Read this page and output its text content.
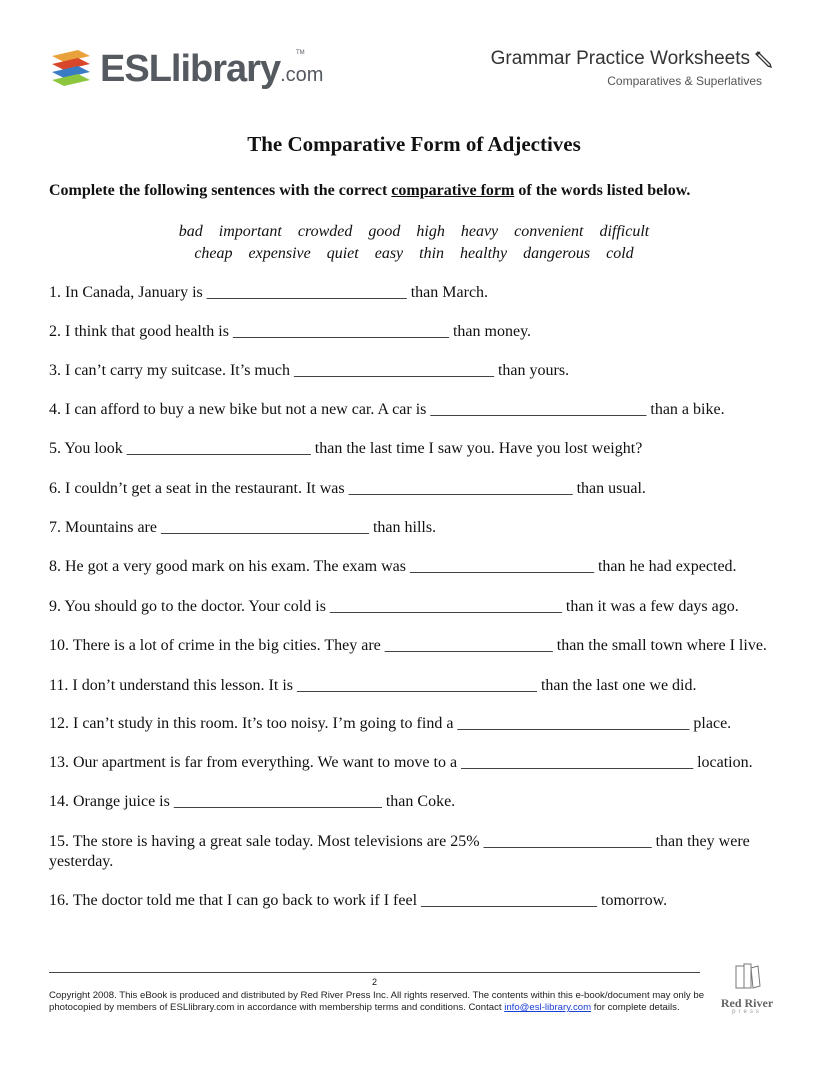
ESLlibrary.com
TM	Grammar Practice Worksheets
Comparatives & Superlatives
The Comparative Form of Adjectives
Complete the following sentences with the correct comparative form of the words listed below.
bad important crowded good high heavy convenient difficult
cheap expensive quiet easy thin healthy dangerous cold
1. In Canada, January is _________________________ than March.
2. I think that good health is ___________________________ than money.
3. I can’t carry my suitcase. It’s much _________________________ than yours.
4. I can afford to buy a new bike but not a new car. A car is ___________________________ than a bike.
5. You look _______________________ than the last time I saw you. Have you lost weight?
6. I couldn’t get a seat in the restaurant. It was ____________________________ than usual.
7. Mountains are __________________________ than hills.
8. He got a very good mark on his exam. The exam was _______________________ than he had expected.
9. You should go to the doctor. Your cold is _____________________________ than it was a few days ago.
10. There is a lot of crime in the big cities. They are _____________________ than the small town where I live.
11. I don’t understand this lesson. It is ______________________________ than the last one we did.
12. I can’t study in this room. It’s too noisy. I’m going to find a _____________________________ place.
13. Our apartment is far from everything. We want to move to a _____________________________ location.
14. Orange juice is __________________________ than Coke.
15. The store is having a great sale today. Most televisions are 25% _____________________ than they were yesterday.
16. The doctor told me that I can go back to work if I feel ______________________ tomorrow.
2
Copyright 2008. This eBook is produced and distributed by Red River Press Inc. All rights reserved. The contents within this e-book/document may only be
photocopied by members of ESLlibrary.com in accordance with membership terms and conditions. Contact info@esl-library.com for complete details.	Red River
press
